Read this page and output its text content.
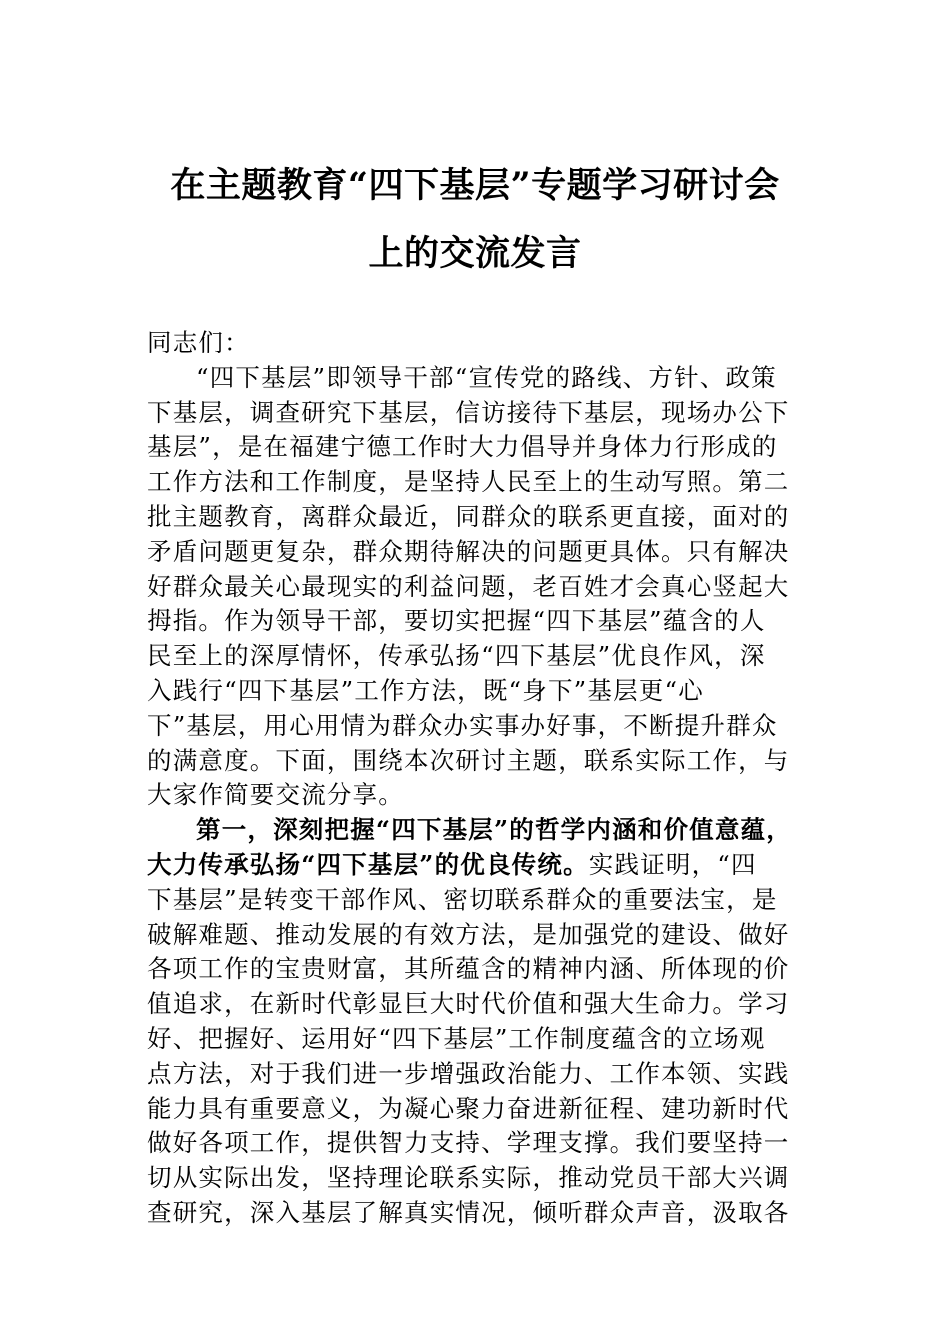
在主题教育“四下基层”专题学习研讨会
上的交流发言
同志们：
“四下基层”即领导干部“宣传党的路线、方针、政策
下基层，调查研究下基层，信访接待下基层，现场办公下
基层”，是在福建宁德工作时大力倡导并身体力行形成的
工作方法和工作制度，是坚持人民至上的生动写照。第二
批主题教育，离群众最近，同群众的联系更直接，面对的
矛盾问题更复杂，群众期待解决的问题更具体。只有解决
好群众最关心最现实的利益问题，老百姓才会真心竖起大
拇指。作为领导干部，要切实把握“四下基层”蕴含的人
民至上的深厚情怀，传承弘扬“四下基层”优良作风，深
入践行“四下基层”工作方法，既“身下”基层更“心
下”基层，用心用情为群众办实事办好事，不断提升群众
的满意度。下面，围绕本次研讨主题，联系实际工作，与
大家作简要交流分享。
第一，深刻把握“四下基层”的哲学内涵和价值意蕴，
大力传承弘扬“四下基层”的优良传统。实践证明，“四
下基层”是转变干部作风、密切联系群众的重要法宝，是
破解难题、推动发展的有效方法，是加强党的建设、做好
各项工作的宝贵财富，其所蕴含的精神内涵、所体现的价
值追求，在新时代彰显巨大时代价值和强大生命力。学习
好、把握好、运用好“四下基层”工作制度蕴含的立场观
点方法，对于我们进一步增强政治能力、工作本领、实践
能力具有重要意义，为凝心聚力奋进新征程、建功新时代
做好各项工作，提供智力支持、学理支撑。我们要坚持一
切从实际出发，坚持理论联系实际，推动党员干部大兴调
查研究，深入基层了解真实情况，倾听群众声音，汲取各
